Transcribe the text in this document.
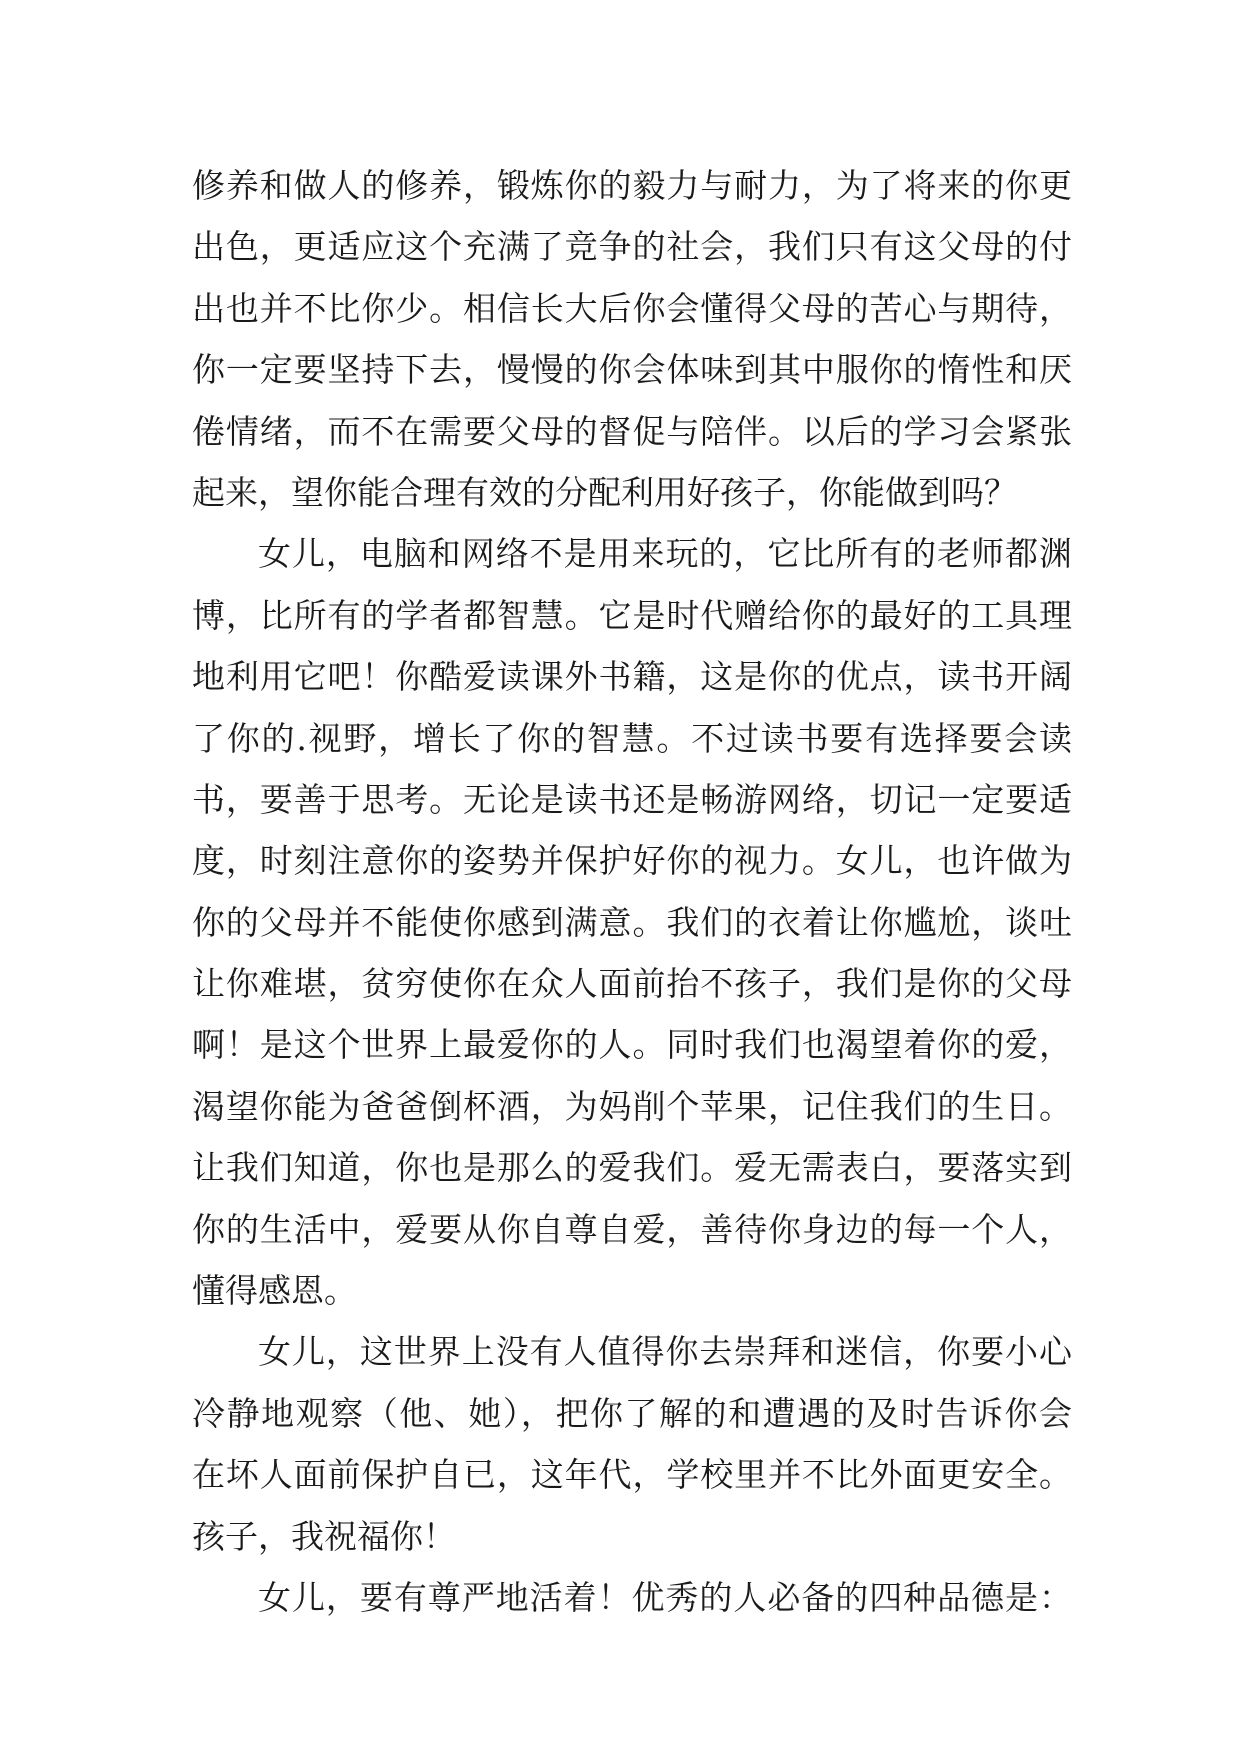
修养和做人的修养，锻炼你的毅力与耐力，为了将来的你更
出色，更适应这个充满了竞争的社会，我们只有这父母的付
出也并不比你少。相信长大后你会懂得父母的苦心与期待，
你一定要坚持下去，慢慢的你会体味到其中服你的惰性和厌
倦情绪，而不在需要父母的督促与陪伴。以后的学习会紧张
起来，望你能合理有效的分配利用好孩子，你能做到吗？
女儿，电脑和网络不是用来玩的，它比所有的老师都渊
博，比所有的学者都智慧。它是时代赠给你的最好的工具理
地利用它吧！你酷爱读课外书籍，这是你的优点，读书开阔
了你的.视野，增长了你的智慧。不过读书要有选择要会读
书，要善于思考。无论是读书还是畅游网络，切记一定要适
度，时刻注意你的姿势并保护好你的视力。女儿，也许做为
你的父母并不能使你感到满意。我们的衣着让你尴尬，谈吐
让你难堪，贫穷使你在众人面前抬不孩子，我们是你的父母
啊！是这个世界上最爱你的人。同时我们也渴望着你的爱，
渴望你能为爸爸倒杯酒，为妈削个苹果，记住我们的生日。
让我们知道，你也是那么的爱我们。爱无需表白，要落实到
你的生活中，爱要从你自尊自爱，善待你身边的每一个人，
懂得感恩。
女儿，这世界上没有人值得你去崇拜和迷信，你要小心
冷静地观察（他、她），把你了解的和遭遇的及时告诉你会
在坏人面前保护自已，这年代，学校里并不比外面更安全。
孩子，我祝福你！
女儿，要有尊严地活着！优秀的人必备的四种品德是：
